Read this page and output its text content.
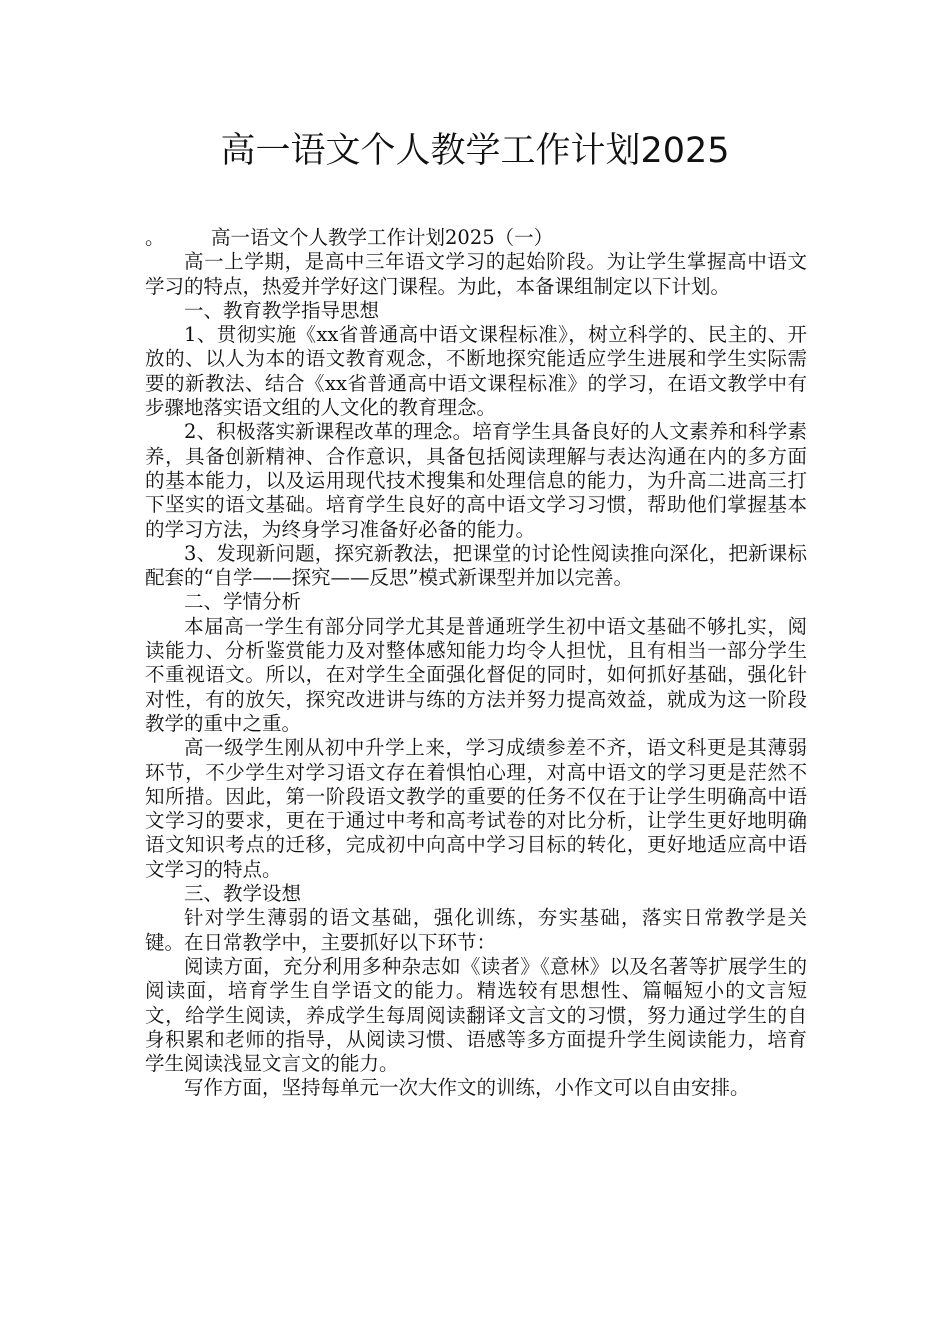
高一语文个人教学工作计划2025

。 高一语文个人教学工作计划2025（一）

高一上学期，是高中三年语文学习的起始阶段。为让学生掌握高中语文学习的特点，热爱并学好这门课程。为此，本备课组制定以下计划。

一、教育教学指导思想

1、贯彻实施《xx省普通高中语文课程标准》，树立科学的、民主的、开放的、以人为本的语文教育观念，不断地探究能适应学生进展和学生实际需要的新教法、结合《xx省普通高中语文课程标准》的学习，在语文教学中有步骤地落实语文组的人文化的教育理念。

2、积极落实新课程改革的理念。培育学生具备良好的人文素养和科学素养，具备创新精神、合作意识，具备包括阅读理解与表达沟通在内的多方面的基本能力，以及运用现代技术搜集和处理信息的能力，为升高二进高三打下坚实的语文基础。培育学生良好的高中语文学习习惯，帮助他们掌握基本的学习方法，为终身学习准备好必备的能力。

3、发现新问题，探究新教法，把课堂的讨论性阅读推向深化，把新课标配套的“自学——探究——反思”模式新课型并加以完善。

二、学情分析

本届高一学生有部分同学尤其是普通班学生初中语文基础不够扎实，阅读能力、分析鉴赏能力及对整体感知能力均令人担忧，且有相当一部分学生不重视语文。所以，在对学生全面强化督促的同时，如何抓好基础，强化针对性，有的放矢，探究改进讲与练的方法并努力提高效益，就成为这一阶段教学的重中之重。

高一级学生刚从初中升学上来，学习成绩参差不齐，语文科更是其薄弱环节，不少学生对学习语文存在着惧怕心理，对高中语文的学习更是茫然不知所措。因此，第一阶段语文教学的重要的任务不仅在于让学生明确高中语文学习的要求，更在于通过中考和高考试卷的对比分析，让学生更好地明确语文知识考点的迁移，完成初中向高中学习目标的转化，更好地适应高中语文学习的特点。

三、教学设想

针对学生薄弱的语文基础，强化训练，夯实基础，落实日常教学是关键。在日常教学中，主要抓好以下环节：

阅读方面，充分利用多种杂志如《读者》《意林》以及名著等扩展学生的阅读面，培育学生自学语文的能力。精选较有思想性、篇幅短小的文言短文，给学生阅读，养成学生每周阅读翻译文言文的习惯，努力通过学生的自身积累和老师的指导，从阅读习惯、语感等多方面提升学生阅读能力，培育学生阅读浅显文言文的能力。

写作方面，坚持每单元一次大作文的训练，小作文可以自由安排。
